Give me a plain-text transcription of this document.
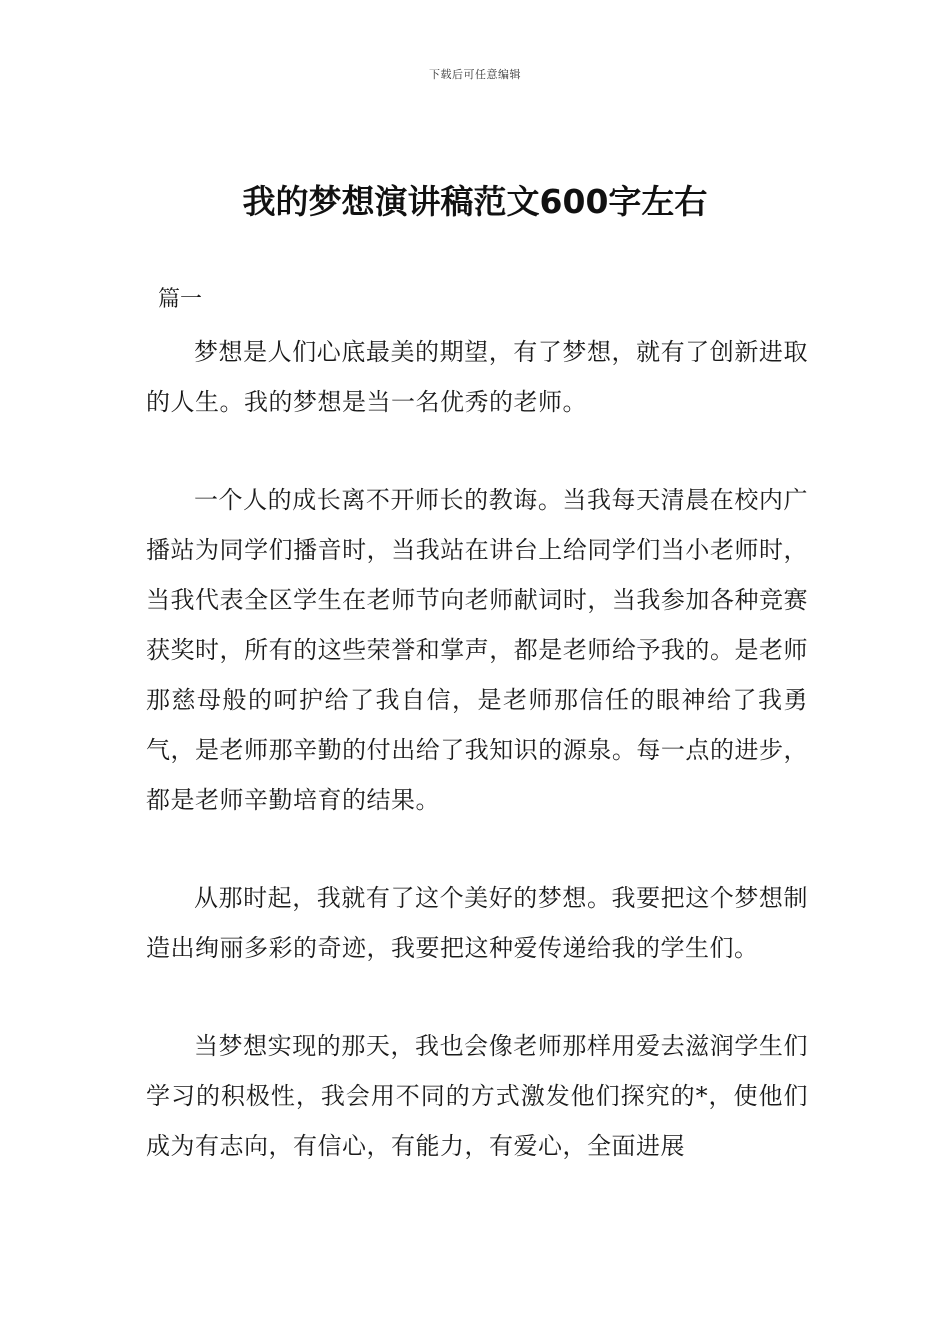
下载后可任意编辑
我的梦想演讲稿范文600字左右
篇一

梦想是人们心底最美的期望，有了梦想，就有了创新进取的人生。我的梦想是当一名优秀的老师。

一个人的成长离不开师长的教诲。当我每天清晨在校内广播站为同学们播音时，当我站在讲台上给同学们当小老师时，当我代表全区学生在老师节向老师献词时，当我参加各种竞赛获奖时，所有的这些荣誉和掌声，都是老师给予我的。是老师那慈母般的呵护给了我自信，是老师那信任的眼神给了我勇气，是老师那辛勤的付出给了我知识的源泉。每一点的进步，都是老师辛勤培育的结果。

从那时起，我就有了这个美好的梦想。我要把这个梦想制造出绚丽多彩的奇迹，我要把这种爱传递给我的学生们。

当梦想实现的那天，我也会像老师那样用爱去滋润学生们学习的积极性，我会用不同的方式激发他们探究的*，使他们成为有志向，有信心，有能力，有爱心，全面进展
